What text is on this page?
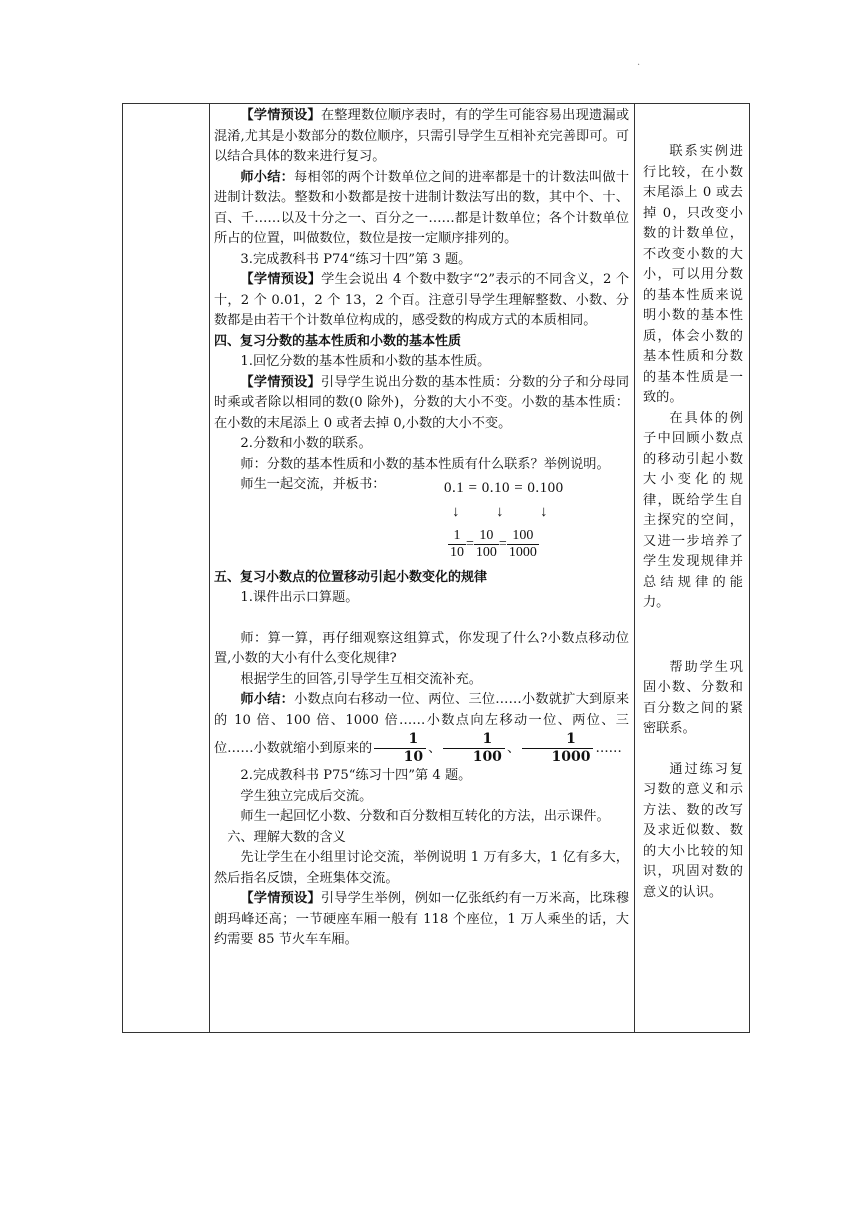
·

【学情预设】在整理数位顺序表时，有的学生可能容易出现遗漏或混淆,尤其是小数部分的数位顺序，只需引导学生互相补充完善即可。可以结合具体的数来进行复习。

师小结：每相邻的两个计数单位之间的进率都是十的计数法叫做十进制计数法。整数和小数都是按十进制计数法写出的数，其中个、十、百、千……以及十分之一、百分之一……都是计数单位；各个计数单位所占的位置，叫做数位，数位是按一定顺序排列的。

3.完成教科书 P74“练习十四”第 3 题。

【学情预设】学生会说出 4 个数中数字“2”表示的不同含义，2 个十，2 个 0.01，2 个 13，2 个百。注意引导学生理解整数、小数、分数都是由若干个计数单位构成的，感受数的构成方式的本质相同。

四、复习分数的基本性质和小数的基本性质

1.回忆分数的基本性质和小数的基本性质。

【学情预设】引导学生说出分数的基本性质：分数的分子和分母同时乘或者除以相同的数(0 除外)，分数的大小不变。小数的基本性质：在小数的末尾添上 0 或者去掉 0,小数的大小不变。

2.分数和小数的联系。

师：分数的基本性质和小数的基本性质有什么联系？举例说明。

师生一起交流，并板书：	0.1 = 0.10 = 0.100
↓ ↓ ↓
$\frac{1}{10} = \frac{10}{100} = \frac{100}{1000}$

五、复习小数点的位置移动引起小数变化的规律

1.课件出示口算题。

师：算一算，再仔细观察这组算式，你发现了什么?小数点移动位置,小数的大小有什么变化规律?

根据学生的回答,引导学生互相交流补充。

师小结：小数点向右移动一位、两位、三位……小数就扩大到原来的 10 倍、100 倍、1000 倍……小数点向左移动一位、两位、三位……小数就缩小到原来的 $\frac{1}{10}$ 、 $\frac{1}{100}$ 、 $\frac{1}{1000}$ ……

2.完成教科书 P75“练习十四”第 4 题。

学生独立完成后交流。

师生一起回忆小数、分数和百分数相互转化的方法，出示课件。

六、理解大数的含义

先让学生在小组里讨论交流，举例说明 1 万有多大，1 亿有多大，然后指名反馈，全班集体交流。

【学情预设】引导学生举例，例如一亿张纸约有一万米高，比珠穆朗玛峰还高；一节硬座车厢一般有 118 个座位，1 万人乘坐的话，大约需要 85 节火车车厢。

联系实例进行比较，在小数末尾添上 0 或去掉 0，只改变小数的计数单位，不改变小数的大小，可以用分数的基本性质来说明小数的基本性质，体会小数的基本性质和分数的基本性质是一致的。

在具体的例子中回顾小数点的移动引起小数大小变化的规律，既给学生自主探究的空间，又进一步培养了学生发现规律并总结规律的能力。

帮助学生巩固小数、分数和百分数之间的紧密联系。

通过练习复习数的意义和示方法、数的改写及求近似数、数的大小比较的知识，巩固对数的意义的认识。
